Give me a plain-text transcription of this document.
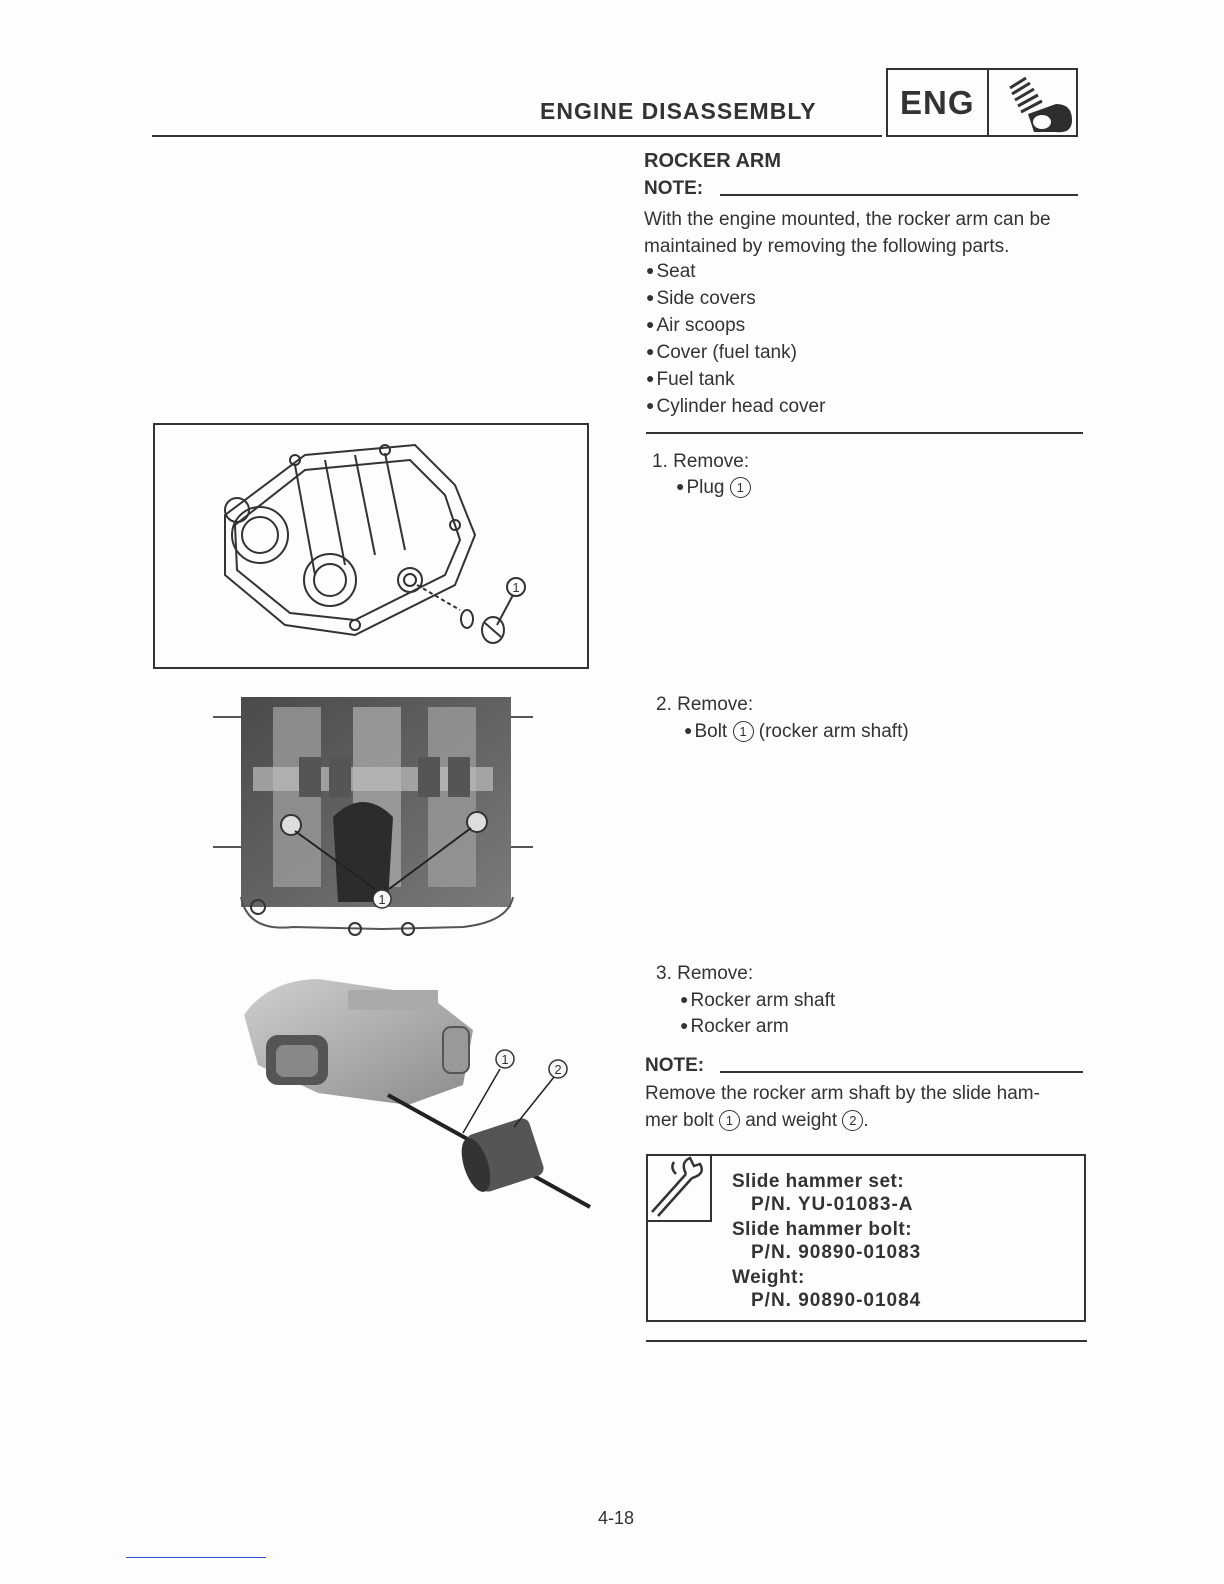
ENGINE DISASSEMBLY	ENG
ROCKER ARM
NOTE:
With the engine mounted, the rocker arm can be
maintained by removing the following parts.
● Seat
● Side covers
● Air scoops
● Cover (fuel tank)
● Fuel tank
● Cylinder head cover
1. Remove:
● Plug 1
2. Remove:
● Bolt 1 (rocker arm shaft)
3. Remove:
● Rocker arm shaft
● Rocker arm
NOTE:
Remove the rocker arm shaft by the slide ham-
mer bolt 1 and weight 2 .
Slide hammer set:
P/N. YU-01083-A
Slide hammer bolt:
P/N. 90890-01083
Weight:
P/N. 90890-01084
1
1
1
2
4-18
